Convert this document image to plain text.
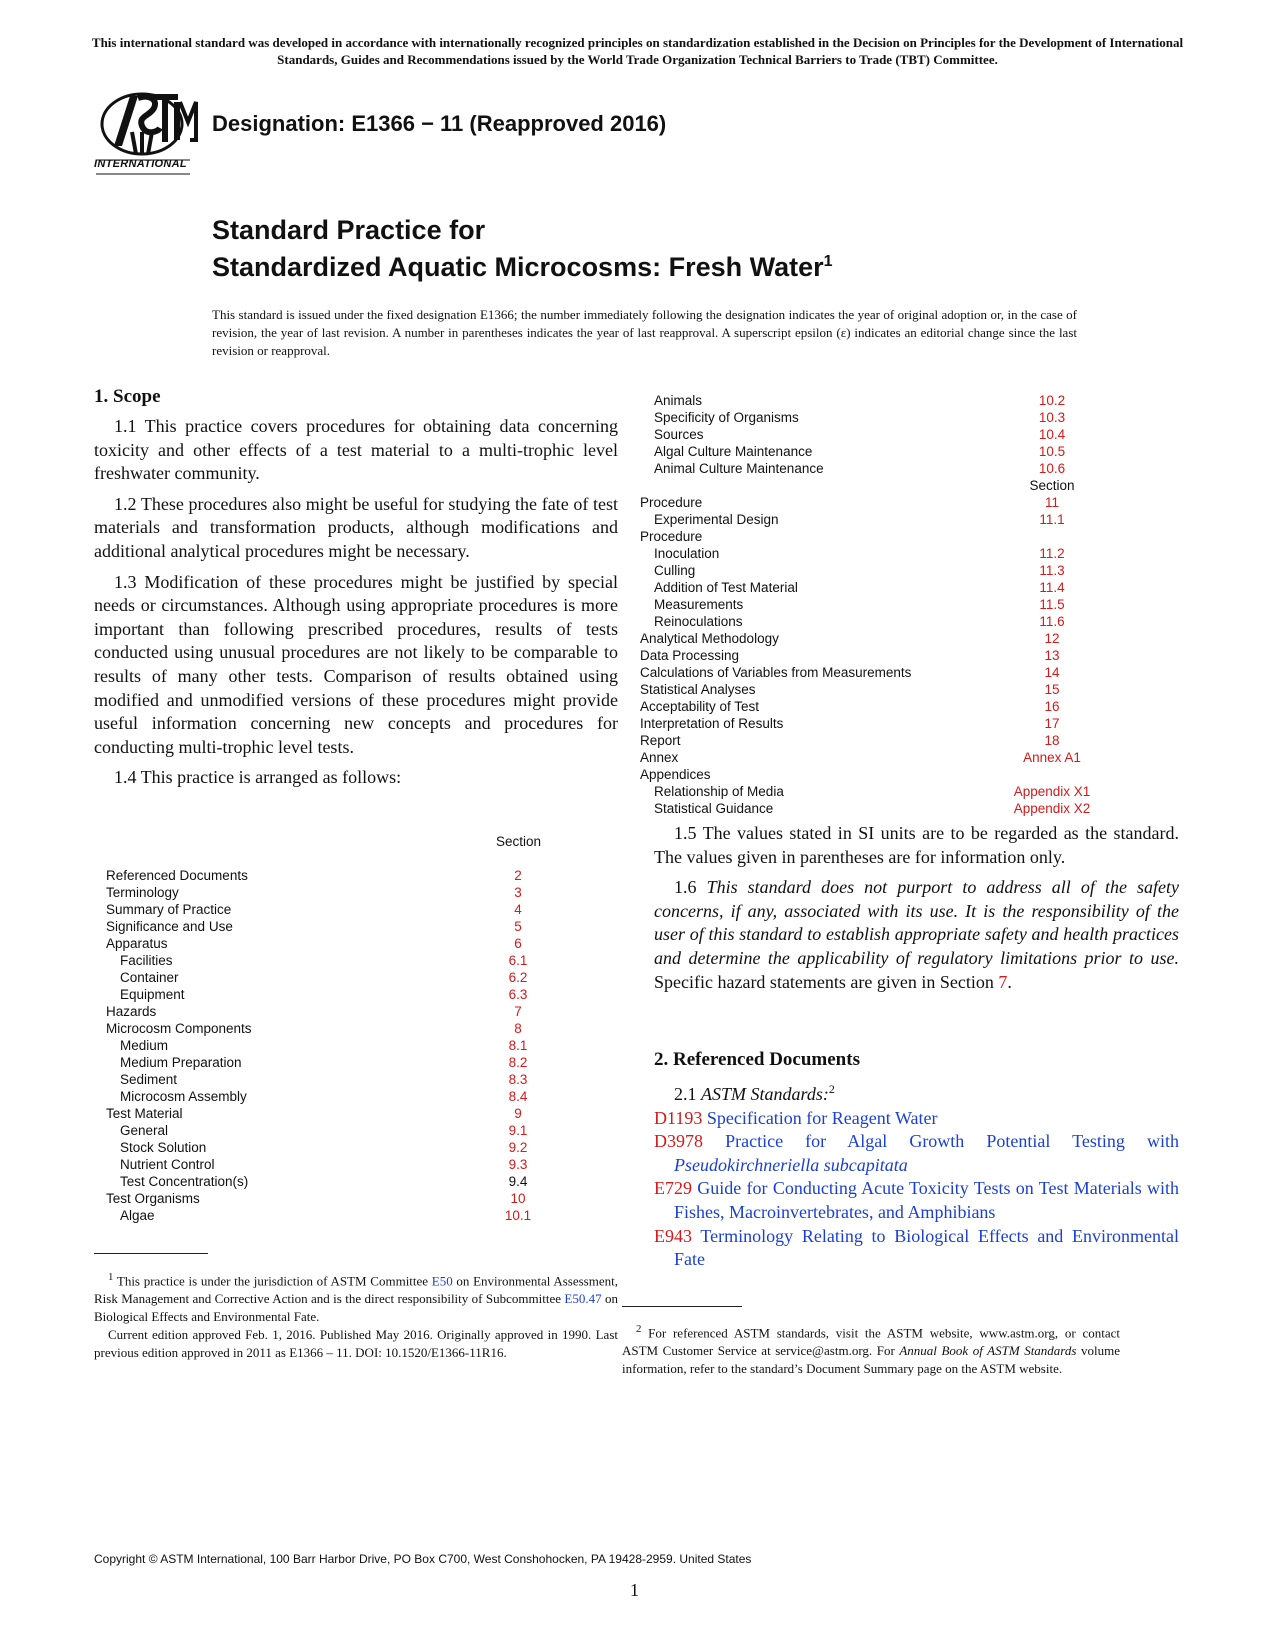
This international standard was developed in accordance with internationally recognized principles on standardization established in the Decision on Principles for the Development of International Standards, Guides and Recommendations issued by the World Trade Organization Technical Barriers to Trade (TBT) Committee.
INTERNATIONAL
Designation: E1366 − 11 (Reapproved 2016)
Standard Practice for
Standardized Aquatic Microcosms: Fresh Water$^1$
This standard is issued under the fixed designation E1366; the number immediately following the designation indicates the year of original adoption or, in the case of revision, the year of last revision. A number in parentheses indicates the year of last reapproval. A superscript epsilon (ε) indicates an editorial change since the last revision or reapproval.
1. Scope

1.1 This practice covers procedures for obtaining data concerning toxicity and other effects of a test material to a multi-trophic level freshwater community.

1.2 These procedures also might be useful for studying the fate of test materials and transformation products, although modifications and additional analytical procedures might be necessary.

1.3 Modification of these procedures might be justified by special needs or circumstances. Although using appropriate procedures is more important than following prescribed procedures, results of tests conducted using unusual procedures are not likely to be comparable to results of many other tests. Comparison of results obtained using modified and unmodified versions of these procedures might provide useful information concerning new concepts and procedures for conducting multi-trophic level tests.

1.4 This practice is arranged as follows:

Section
Referenced Documents	2
Terminology	3
Summary of Practice	4
Significance and Use	5
Apparatus	6
Facilities	6.1
Container	6.2
Equipment	6.3
Hazards	7
Microcosm Components	8
Medium	8.1
Medium Preparation	8.2
Sediment	8.3
Microcosm Assembly	8.4
Test Material	9
General	9.1
Stock Solution	9.2
Nutrient Control	9.3
Test Concentration(s)	9.4
Test Organisms	10
Algae	10.1
$^1$ This practice is under the jurisdiction of ASTM Committee E50 on Environmental Assessment, Risk Management and Corrective Action and is the direct responsibility of Subcommittee E50.47 on Biological Effects and Environmental Fate.
Current edition approved Feb. 1, 2016. Published May 2016. Originally approved in 1990. Last previous edition approved in 2011 as E1366 – 11. DOI: 10.1520/E1366-11R16.
Animals	10.2
Specificity of Organisms	10.3
Sources	10.4
Algal Culture Maintenance	10.5
Animal Culture Maintenance	10.6
Section
Procedure	11
Experimental Design	11.1
Procedure
Inoculation	11.2
Culling	11.3
Addition of Test Material	11.4
Measurements	11.5
Reinoculations	11.6
Analytical Methodology	12
Data Processing	13
Calculations of Variables from Measurements	14
Statistical Analyses	15
Acceptability of Test	16
Interpretation of Results	17
Report	18
Annex	Annex A1
Appendices
Relationship of Media	Appendix X1
Statistical Guidance	Appendix X2

1.5 The values stated in SI units are to be regarded as the standard. The values given in parentheses are for information only.

1.6 This standard does not purport to address all of the safety concerns, if any, associated with its use. It is the responsibility of the user of this standard to establish appropriate safety and health practices and determine the applicability of regulatory limitations prior to use. Specific hazard statements are given in Section 7.

2. Referenced Documents
2.1 ASTM Standards:$^2$
D1193 Specification for Reagent Water
D3978 Practice for Algal Growth Potential Testing with Pseudokirchneriella subcapitata
E729 Guide for Conducting Acute Toxicity Tests on Test Materials with Fishes, Macroinvertebrates, and Amphibians
E943 Terminology Relating to Biological Effects and Environmental Fate
$^2$ For referenced ASTM standards, visit the ASTM website, www.astm.org, or contact ASTM Customer Service at service@astm.org. For Annual Book of ASTM Standards volume information, refer to the standard’s Document Summary page on the ASTM website.
Copyright © ASTM International, 100 Barr Harbor Drive, PO Box C700, West Conshohocken, PA 19428-2959. United States
1
